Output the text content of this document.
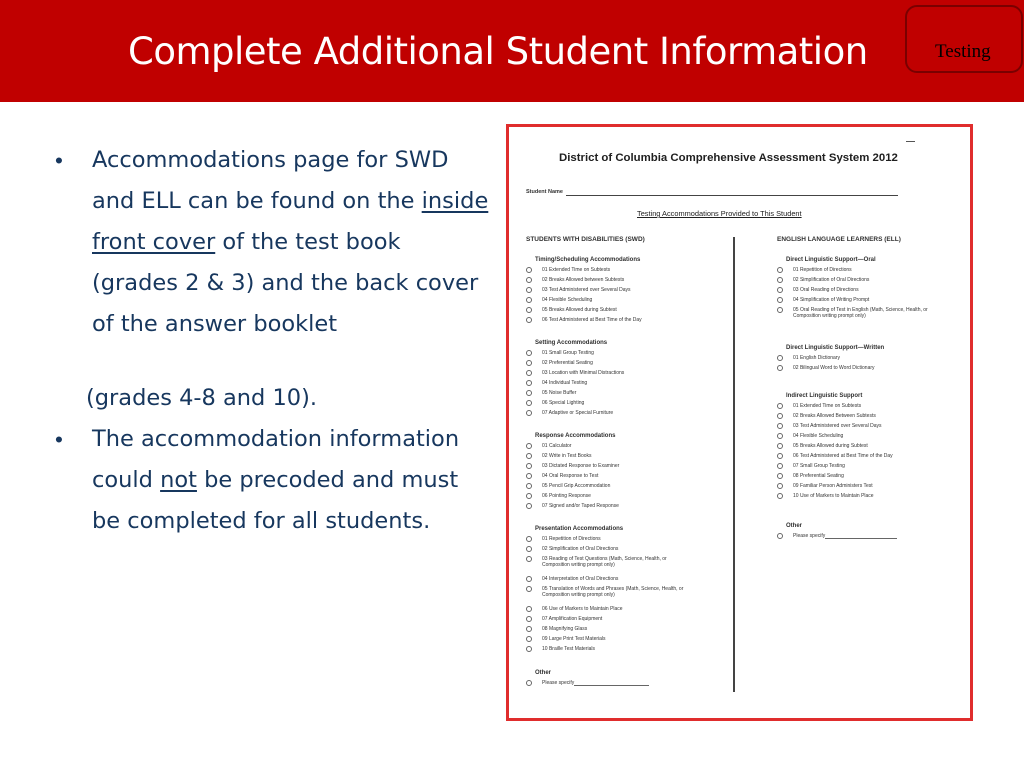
Complete Additional Student Information	Testing
• Accommodations page for SWD and ELL can be found on the inside front cover of the test book (grades 2 & 3) and the back cover of the answer booklet
(grades 4-8 and 10).
• The accommodation information could not be precoded and must be completed for all students.
District of Columbia Comprehensive Assessment System 2012
Student Name
Testing Accommodations Provided to This Student
STUDENTS WITH DISABILITIES (SWD)
Timing/Scheduling Accommodations
01 Extended Time on Subtests
02 Breaks Allowed between Subtests
03 Test Administered over Several Days
04 Flexible Scheduling
05 Breaks Allowed during Subtest
06 Test Administered at Best Time of the Day
Setting Accommodations
01 Small Group Testing
02 Preferential Seating
03 Location with Minimal Distractions
04 Individual Testing
05 Noise Buffer
06 Special Lighting
07 Adaptive or Special Furniture
Response Accommodations
01 Calculator
02 Write in Test Books
03 Dictated Response to Examiner
04 Oral Response to Test
05 Pencil Grip Accommodation
06 Pointing Response
07 Signed and/or Taped Response
Presentation Accommodations
01 Repetition of Directions
02 Simplification of Oral Directions
03 Reading of Test Questions (Math, Science, Health, or Composition writing prompt only)
04 Interpretation of Oral Directions
05 Translation of Words and Phrases (Math, Science, Health, or Composition writing prompt only)
06 Use of Markers to Maintain Place
07 Amplification Equipment
08 Magnifying Glass
09 Large Print Test Materials
10 Braille Test Materials
Other
Please specify
ENGLISH LANGUAGE LEARNERS (ELL)
Direct Linguistic Support—Oral
01 Repetition of Directions
02 Simplification of Oral Directions
03 Oral Reading of Directions
04 Simplification of Writing Prompt
05 Oral Reading of Test in English (Math, Science, Health, or Composition writing prompt only)
Direct Linguistic Support—Written
01 English Dictionary
02 Bilingual Word to Word Dictionary
Indirect Linguistic Support
01 Extended Time on Subtests
02 Breaks Allowed Between Subtests
03 Test Administered over Several Days
04 Flexible Scheduling
05 Breaks Allowed during Subtest
06 Test Administered at Best Time of the Day
07 Small Group Testing
08 Preferential Seating
09 Familiar Person Administers Test
10 Use of Markers to Maintain Place
Other
Please specify
